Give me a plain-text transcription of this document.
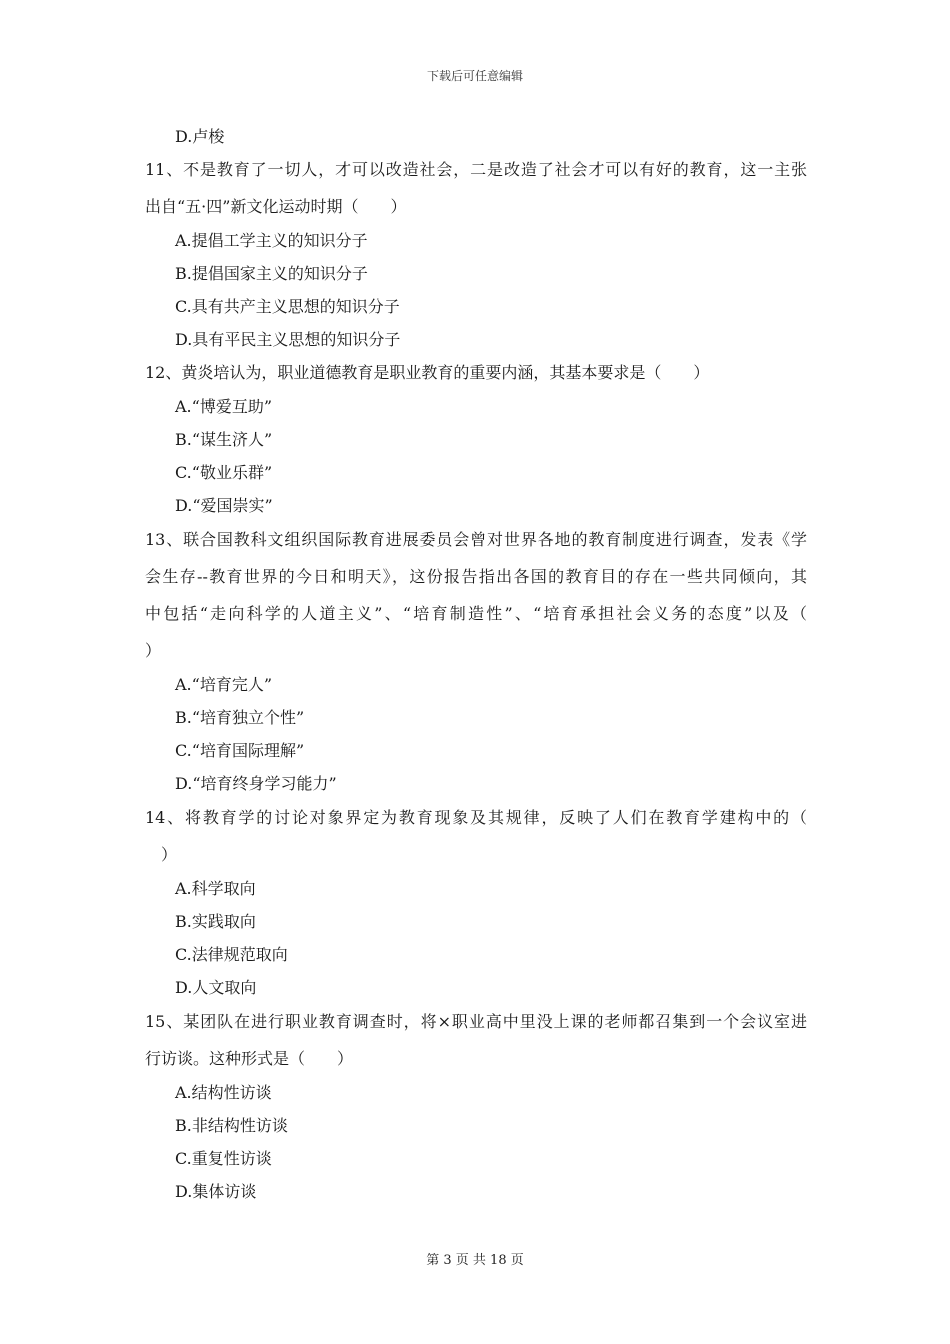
下载后可任意编辑
D.卢梭
11、不是教育了一切人，才可以改造社会，二是改造了社会才可以有好的教育，这一主张
出自“五·四”新文化运动时期（　　）
A.提倡工学主义的知识分子
B.提倡国家主义的知识分子
C.具有共产主义思想的知识分子
D.具有平民主义思想的知识分子
12、黄炎培认为，职业道德教育是职业教育的重要内涵，其基本要求是（　　）
A.“博爱互助”
B.“谋生济人”
C.“敬业乐群”
D.“爱国崇实”
13、联合国教科文组织国际教育进展委员会曾对世界各地的教育制度进行调查，发表《学
会生存--教育世界的今日和明天》，这份报告指出各国的教育目的存在一些共同倾向，其
中包括“走向科学的人道主义”、“培育制造性”、“培育承担社会义务的态度”以及（
）
A.“培育完人”
B.“培育独立个性”
C.“培育国际理解”
D.“培育终身学习能力”
14、将教育学的讨论对象界定为教育现象及其规律，反映了人们在教育学建构中的（
　）
A.科学取向
B.实践取向
C.法律规范取向
D.人文取向
15、某团队在进行职业教育调查时，将×职业高中里没上课的老师都召集到一个会议室进
行访谈。这种形式是（　　）
A.结构性访谈
B.非结构性访谈
C.重复性访谈
D.集体访谈
第 3 页 共 18 页
